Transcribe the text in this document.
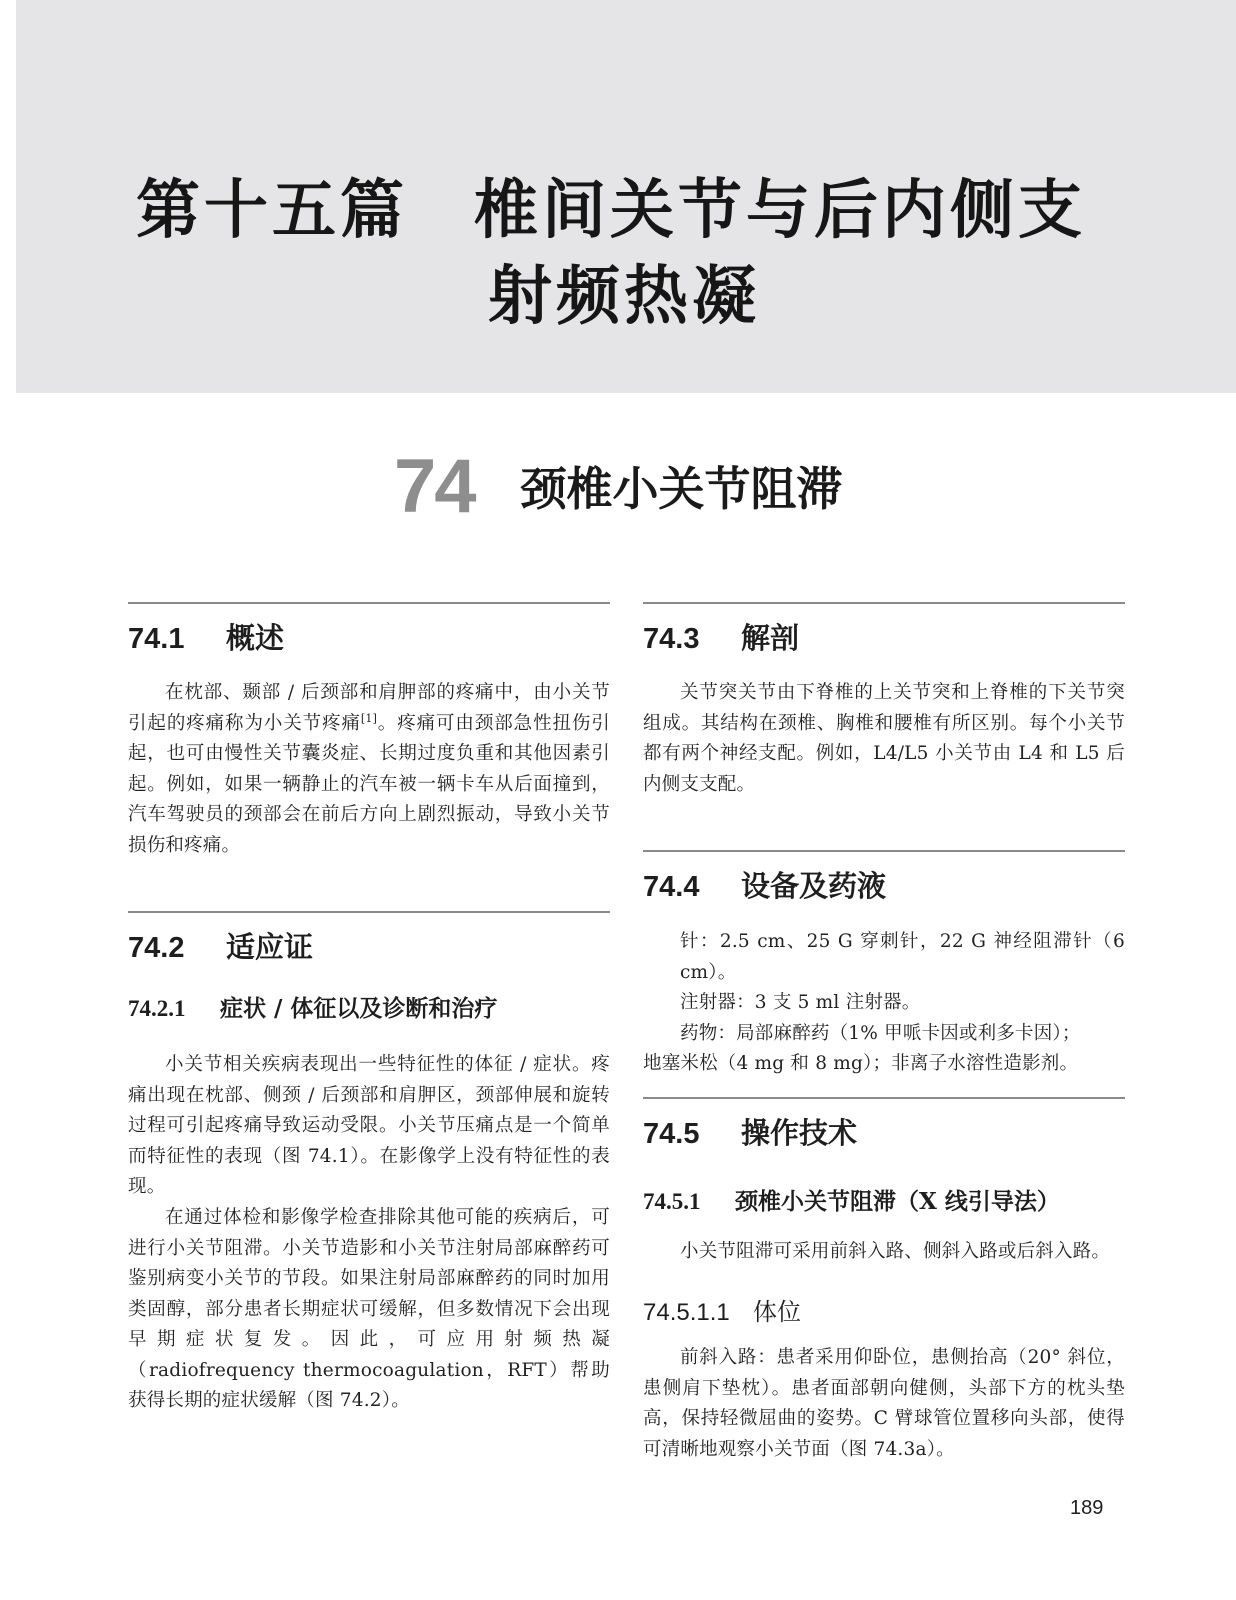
第十五篇 椎间关节与后内侧支
射频热凝
74 颈椎小关节阻滞
74.1	概述
在枕部、颞部 / 后颈部和肩胛部的疼痛中，由小关节引起的疼痛称为小关节疼痛[1]。疼痛可由颈部急性扭伤引起，也可由慢性关节囊炎症、长期过度负重和其他因素引起。例如，如果一辆静止的汽车被一辆卡车从后面撞到，汽车驾驶员的颈部会在前后方向上剧烈振动，导致小关节损伤和疼痛。
74.2	适应证
74.2.1 症状 / 体征以及诊断和治疗
小关节相关疾病表现出一些特征性的体征 / 症状。疼痛出现在枕部、侧颈 / 后颈部和肩胛区，颈部伸展和旋转过程可引起疼痛导致运动受限。小关节压痛点是一个简单而特征性的表现（图 74.1）。在影像学上没有特征性的表现。
在通过体检和影像学检查排除其他可能的疾病后，可进行小关节阻滞。小关节造影和小关节注射局部麻醉药可鉴别病变小关节的节段。如果注射局部麻醉药的同时加用类固醇，部分患者长期症状可缓解，但多数情况下会出现早期症状复发。因此，可应用射频热凝（radiofrequency thermocoagulation，RFT）帮助获得长期的症状缓解（图 74.2）。
74.3	解剖
关节突关节由下脊椎的上关节突和上脊椎的下关节突组成。其结构在颈椎、胸椎和腰椎有所区别。每个小关节都有两个神经支配。例如，L4/L5 小关节由 L4 和 L5 后内侧支支配。
74.4	设备及药液
针：2.5 cm、25 G 穿刺针，22 G 神经阻滞针（6 cm）。
注射器：3 支 5 ml 注射器。
药物：局部麻醉药（1% 甲哌卡因或利多卡因）；
地塞米松（4 mg 和 8 mg）；非离子水溶性造影剂。
74.5	操作技术
74.5.1 颈椎小关节阻滞（X 线引导法）
小关节阻滞可采用前斜入路、侧斜入路或后斜入路。
74.5.1.1 体位
前斜入路：患者采用仰卧位，患侧抬高（20° 斜位，患侧肩下垫枕）。患者面部朝向健侧，头部下方的枕头垫高，保持轻微屈曲的姿势。C 臂球管位置移向头部，使得可清晰地观察小关节面（图 74.3a）。
189
